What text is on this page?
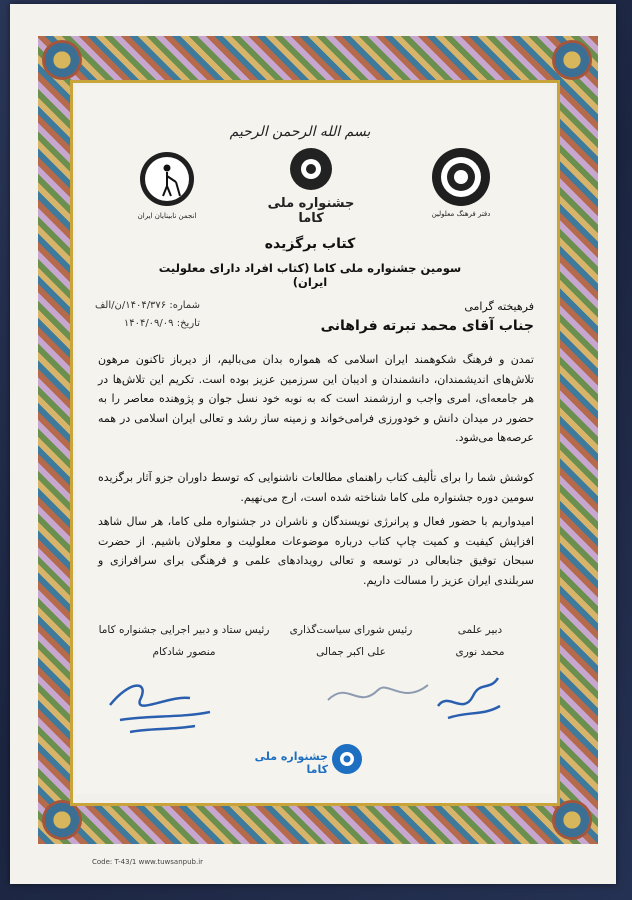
بسم الله الرحمن الرحیم
انجمن نابینایان ایران
جشنواره ملی کاما	دفتر فرهنگ معلولین
کتاب برگزیده
سومین جشنواره ملی کاما (کتاب افراد دارای معلولیت ایران)
شماره: ۱۴۰۴/۳۷۶/ن/الف
تاریخ: ۱۴۰۴/۰۹/۰۹
فرهیخته گرامی
جناب آقای محمد تبرته فراهانی
تمدن و فرهنگ شکوهمند ایران اسلامی که همواره بدان می‌بالیم، از دیرباز تاکنون مرهون تلاش‌های اندیشمندان، دانشمندان و ادیبان این سرزمین عزیز بوده است. تکریم این تلاش‌ها در هر جامعه‌ای، امری واجب و ارزشمند است که به نوبه خود نسل جوان و پژوهنده معاصر را به حضور در میدان دانش و خودورزی فرامی‌خواند و زمینه ساز رشد و تعالی ایران اسلامی در همه عرصه‌ها می‌شود.
کوشش شما را برای تألیف کتاب راهنمای مطالعات ناشنوایی که توسط داوران جزو آثار برگزیده سومین دوره جشنواره ملی کاما شناخته شده است، ارج می‌نهیم.
امیدواریم با حضور فعال و پرانرژی نویسندگان و ناشران در جشنواره ملی کاما، هر سال شاهد افزایش کیفیت و کمیت چاپ کتاب درباره موضوعات معلولیت و معلولان باشیم. از حضرت سبحان توفیق جنابعالی در توسعه و تعالی رویدادهای علمی و فرهنگی برای سرافرازی و سربلندی ایران عزیز را مسالت داریم.
رئیس ستاد و دبیر اجرایی جشنواره کاما
منصور شادکام
رئیس شورای سیاست‌گذاری
علی اکبر جمالی
دبیر علمی
محمد نوری
جشنواره ملی کاما
Code: T-43/1 www.tuwsanpub.ir
